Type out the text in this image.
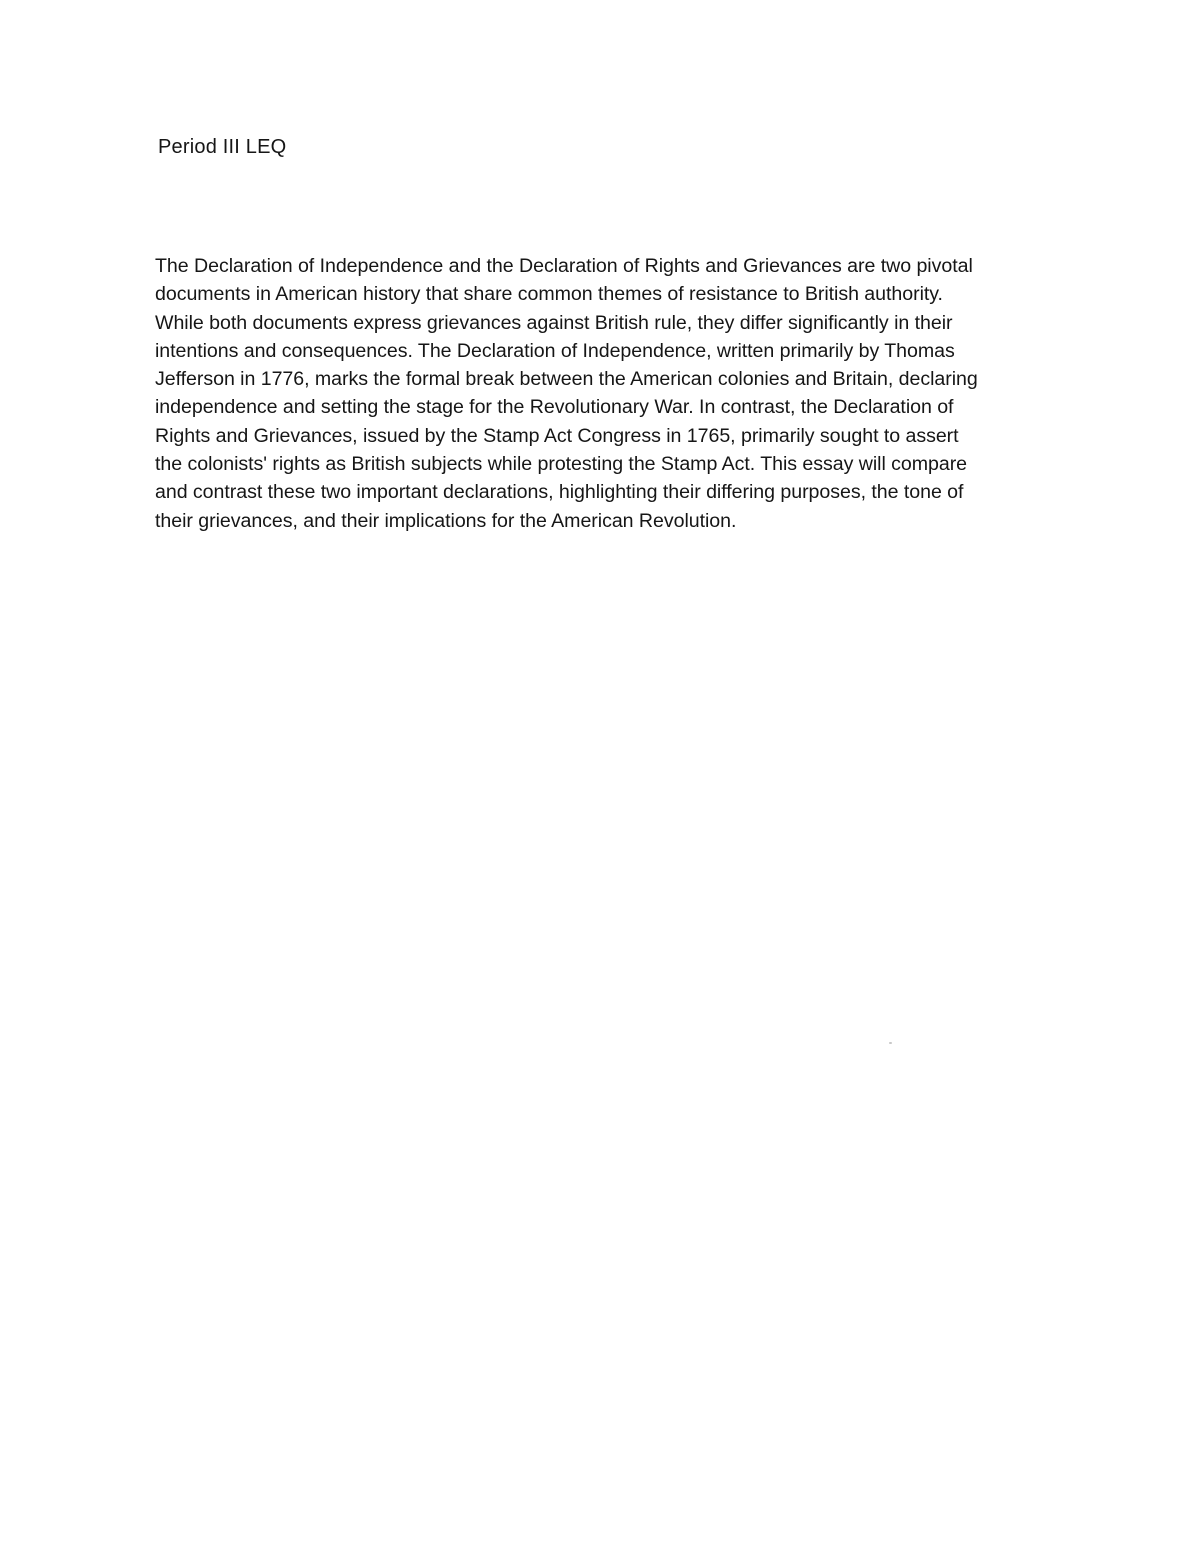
Period III LEQ
The Declaration of Independence and the Declaration of Rights and Grievances are two pivotal
documents in American history that share common themes of resistance to British authority.
While both documents express grievances against British rule, they differ significantly in their
intentions and consequences. The Declaration of Independence, written primarily by Thomas
Jefferson in 1776, marks the formal break between the American colonies and Britain, declaring
independence and setting the stage for the Revolutionary War. In contrast, the Declaration of
Rights and Grievances, issued by the Stamp Act Congress in 1765, primarily sought to assert
the colonists' rights as British subjects while protesting the Stamp Act. This essay will compare
and contrast these two important declarations, highlighting their differing purposes, the tone of
their grievances, and their implications for the American Revolution.
